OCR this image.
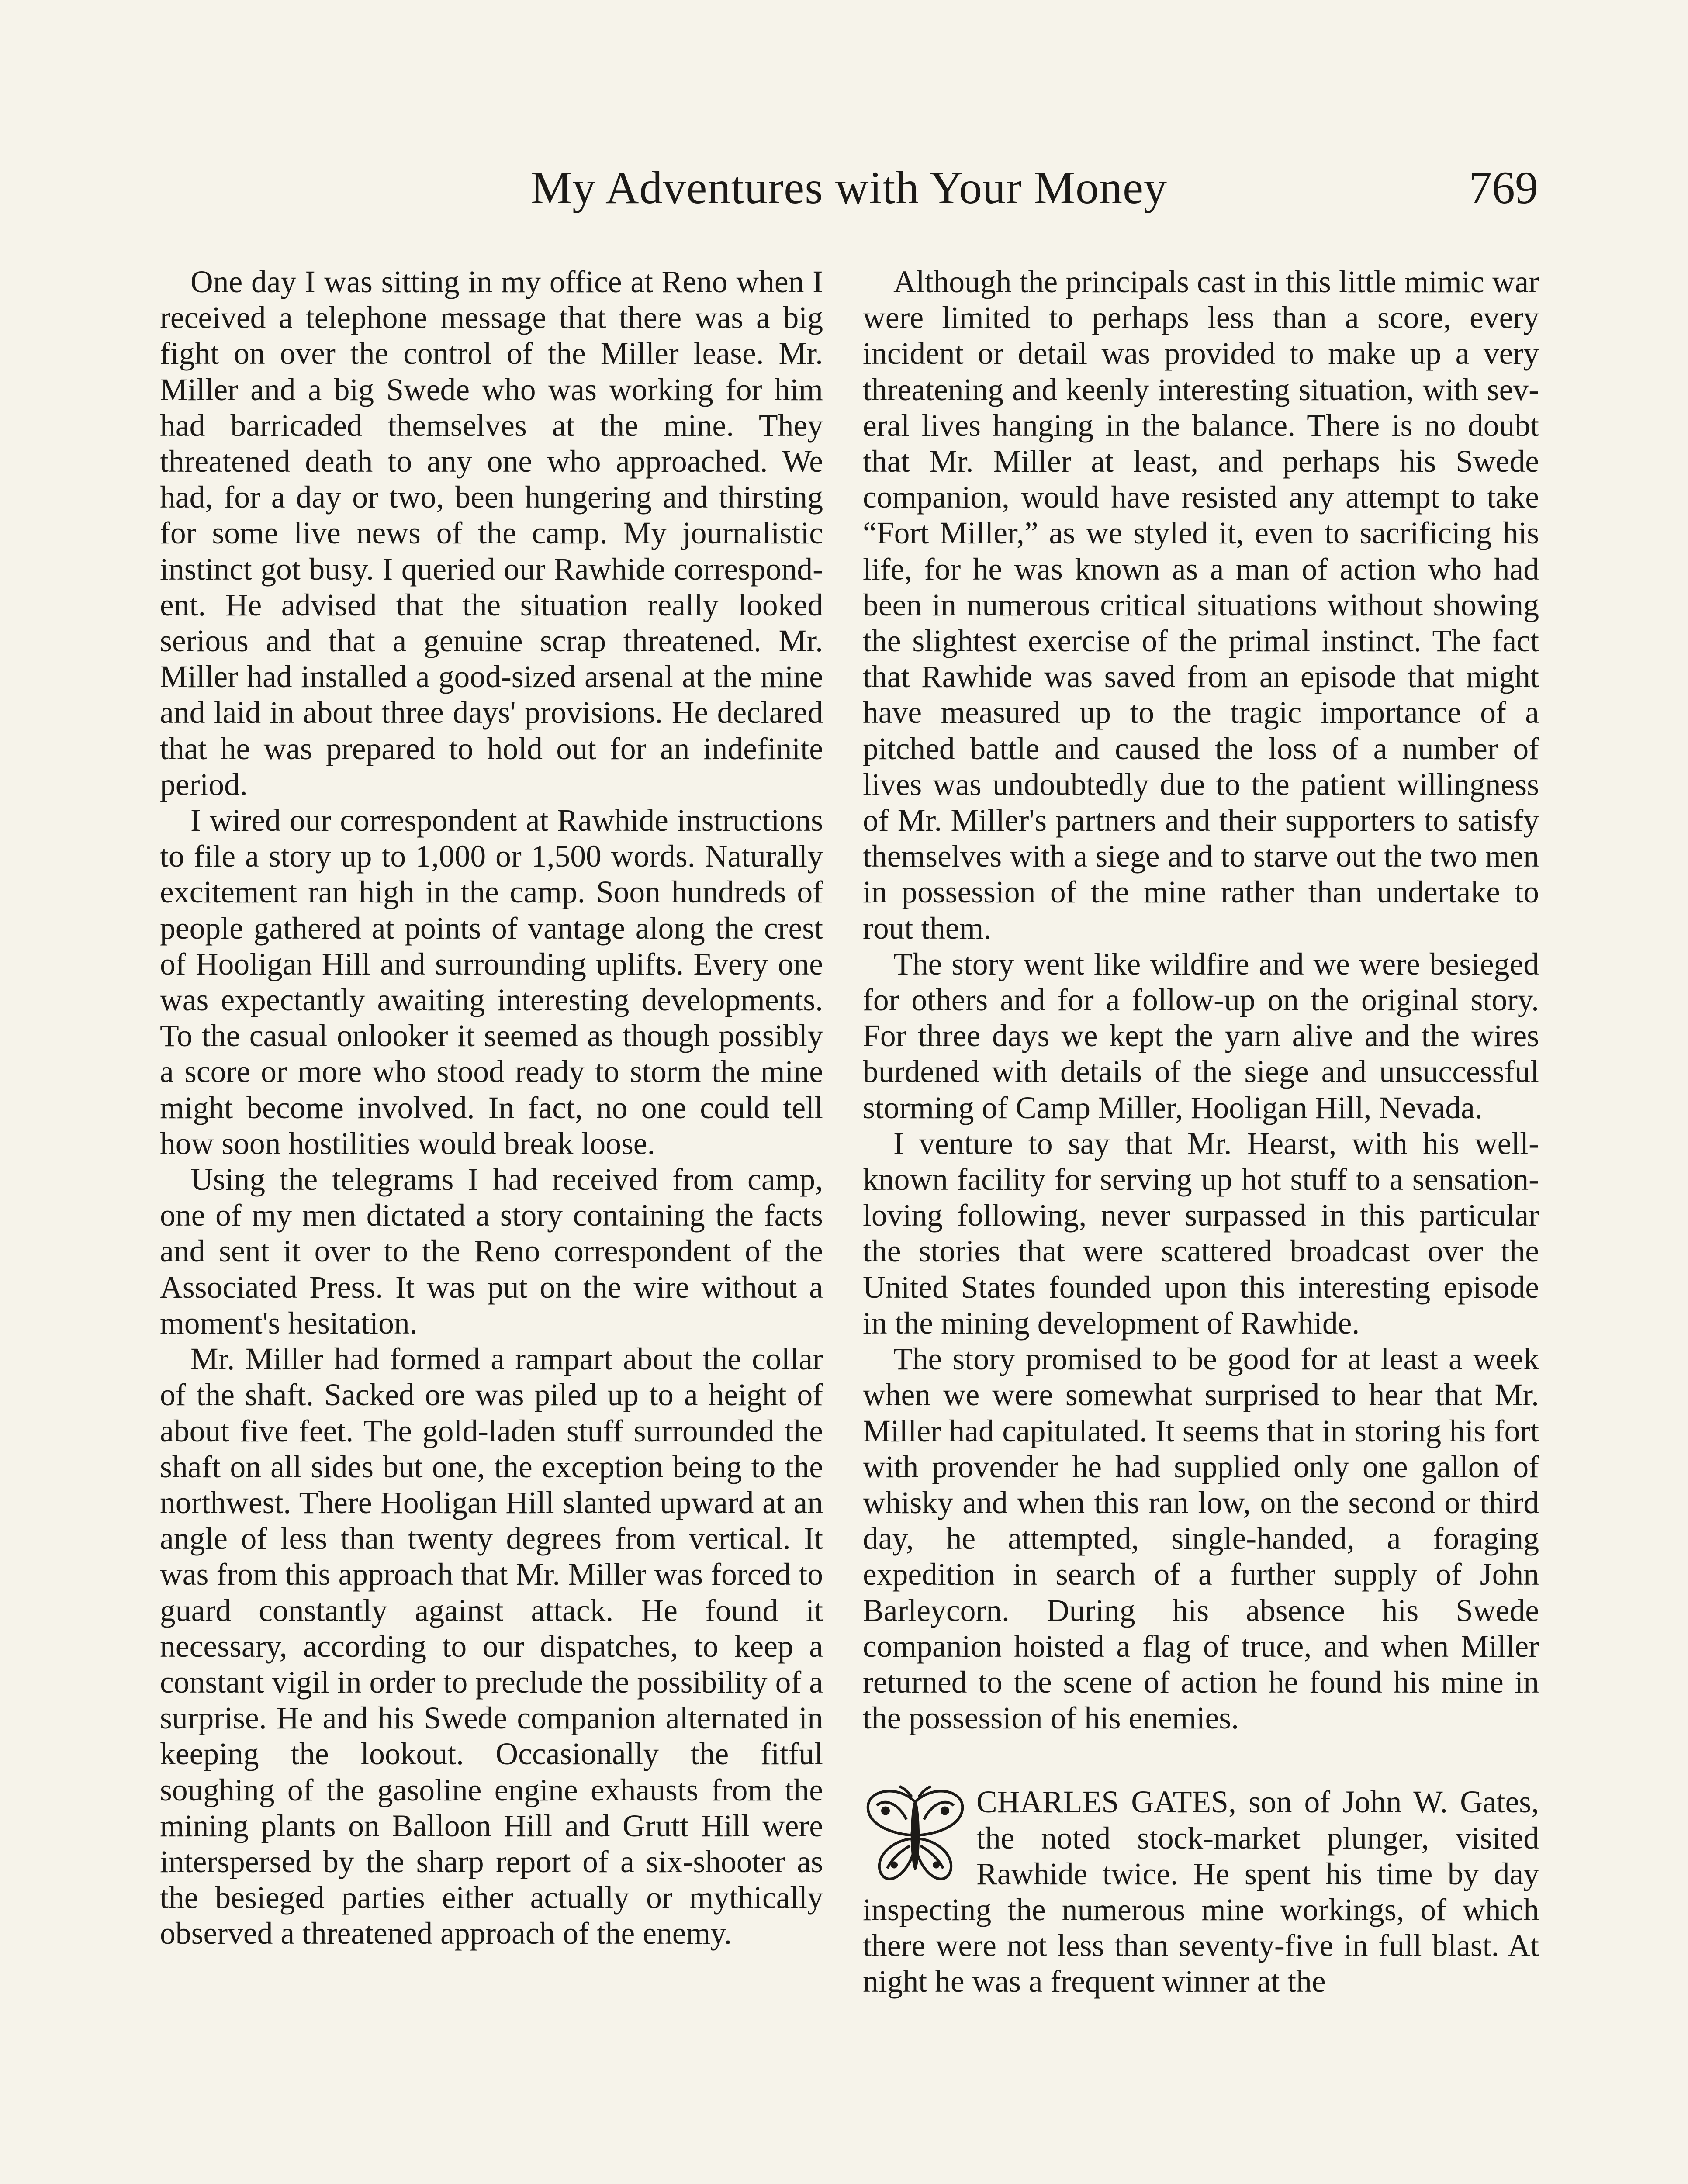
My Adventures with Your Money	769

One day I was sitting in my office at Reno when I received a telephone message that there was a big fight on over the control of the Miller lease. Mr. Miller and a big Swede who was working for him had barricaded themselves at the mine. They threatened death to any one who approached. We had, for a day or two, been hungering and thirsting for some live news of the camp. My journalistic instinct got busy. I queried our Rawhide correspondent. He advised that the situation really looked serious and that a genuine scrap threatened. Mr. Miller had installed a good-sized arsenal at the mine and laid in about three days' provisions. He declared that he was prepared to hold out for an indefinite period.

I wired our correspondent at Rawhide instructions to file a story up to 1,000 or 1,500 words. Naturally excitement ran high in the camp. Soon hundreds of people gathered at points of vantage along the crest of Hooligan Hill and surrounding uplifts. Every one was expectantly awaiting interesting developments. To the casual onlooker it seemed as though possibly a score or more who stood ready to storm the mine might become involved. In fact, no one could tell how soon hostilities would break loose.

Using the telegrams I had received from camp, one of my men dictated a story containing the facts and sent it over to the Reno correspondent of the Associated Press. It was put on the wire without a moment's hesitation.

Mr. Miller had formed a rampart about the collar of the shaft. Sacked ore was piled up to a height of about five feet. The gold-laden stuff surrounded the shaft on all sides but one, the exception being to the northwest. There Hooligan Hill slanted upward at an angle of less than twenty degrees from vertical. It was from this approach that Mr. Miller was forced to guard constantly against attack. He found it necessary, according to our dispatches, to keep a constant vigil in order to preclude the possibility of a surprise. He and his Swede companion alternated in keeping the lookout. Occasionally the fitful soughing of the gasoline engine exhausts from the mining plants on Balloon Hill and Grutt Hill were interspersed by the sharp report of a six-shooter as the besieged parties either actually or mythically observed a threatened approach of the enemy.

Although the principals cast in this little mimic war were limited to perhaps less than a score, every incident or detail was provided to make up a very threatening and keenly interesting situation, with several lives hanging in the balance. There is no doubt that Mr. Miller at least, and perhaps his Swede companion, would have resisted any attempt to take “Fort Miller,” as we styled it, even to sacrificing his life, for he was known as a man of action who had been in numerous critical situations without showing the slightest exercise of the primal instinct. The fact that Rawhide was saved from an episode that might have measured up to the tragic importance of a pitched battle and caused the loss of a number of lives was undoubtedly due to the patient willingness of Mr. Miller's partners and their supporters to satisfy themselves with a siege and to starve out the two men in possession of the mine rather than undertake to rout them.

The story went like wildfire and we were besieged for others and for a follow-up on the original story. For three days we kept the yarn alive and the wires burdened with details of the siege and unsuccessful storming of Camp Miller, Hooligan Hill, Nevada.

I venture to say that Mr. Hearst, with his well-known facility for serving up hot stuff to a sensation-loving following, never surpassed in this particular the stories that were scattered broadcast over the United States founded upon this interesting episode in the mining development of Rawhide.

The story promised to be good for at least a week when we were somewhat surprised to hear that Mr. Miller had capitulated. It seems that in storing his fort with provender he had supplied only one gallon of whisky and when this ran low, on the second or third day, he attempted, single-handed, a foraging expedition in search of a further supply of John Barleycorn. During his absence his Swede companion hoisted a flag of truce, and when Miller returned to the scene of action he found his mine in the possession of his enemies.

CHARLES GATES, son of John W. Gates, the noted stock-market plunger, visited Rawhide twice. He spent his time by day inspecting the numerous mine workings, of which there were not less than seventy-five in full blast. At night he was a frequent winner at the
